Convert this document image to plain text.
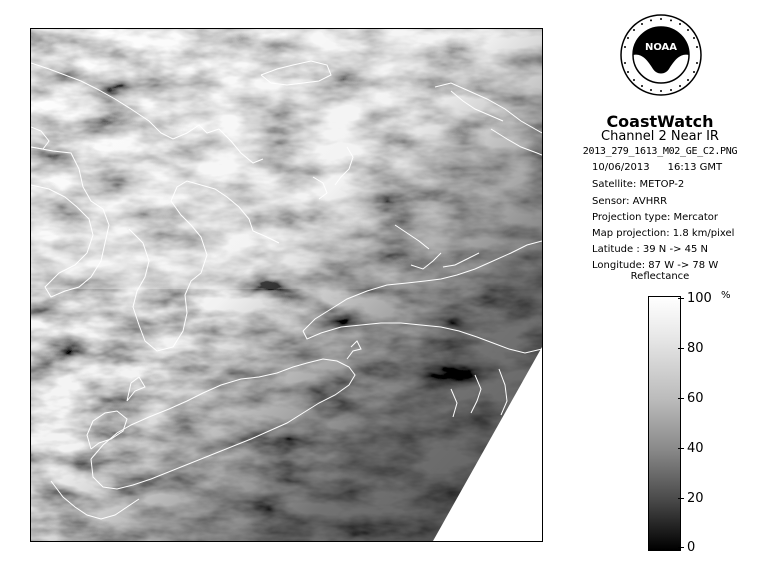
NOAA
CoastWatch
Channel 2 Near IR
2013_279_1613_M02_GE_C2.PNG
10/06/2013 16:13 GMT
Satellite: METOP-2
Sensor: AVHRR
Projection type: Mercator
Map projection: 1.8 km/pixel
Latitude : 39 N -> 45 N
Longitude: 87 W -> 78 W
Reflectance
%
100
80
60
40
20
0
